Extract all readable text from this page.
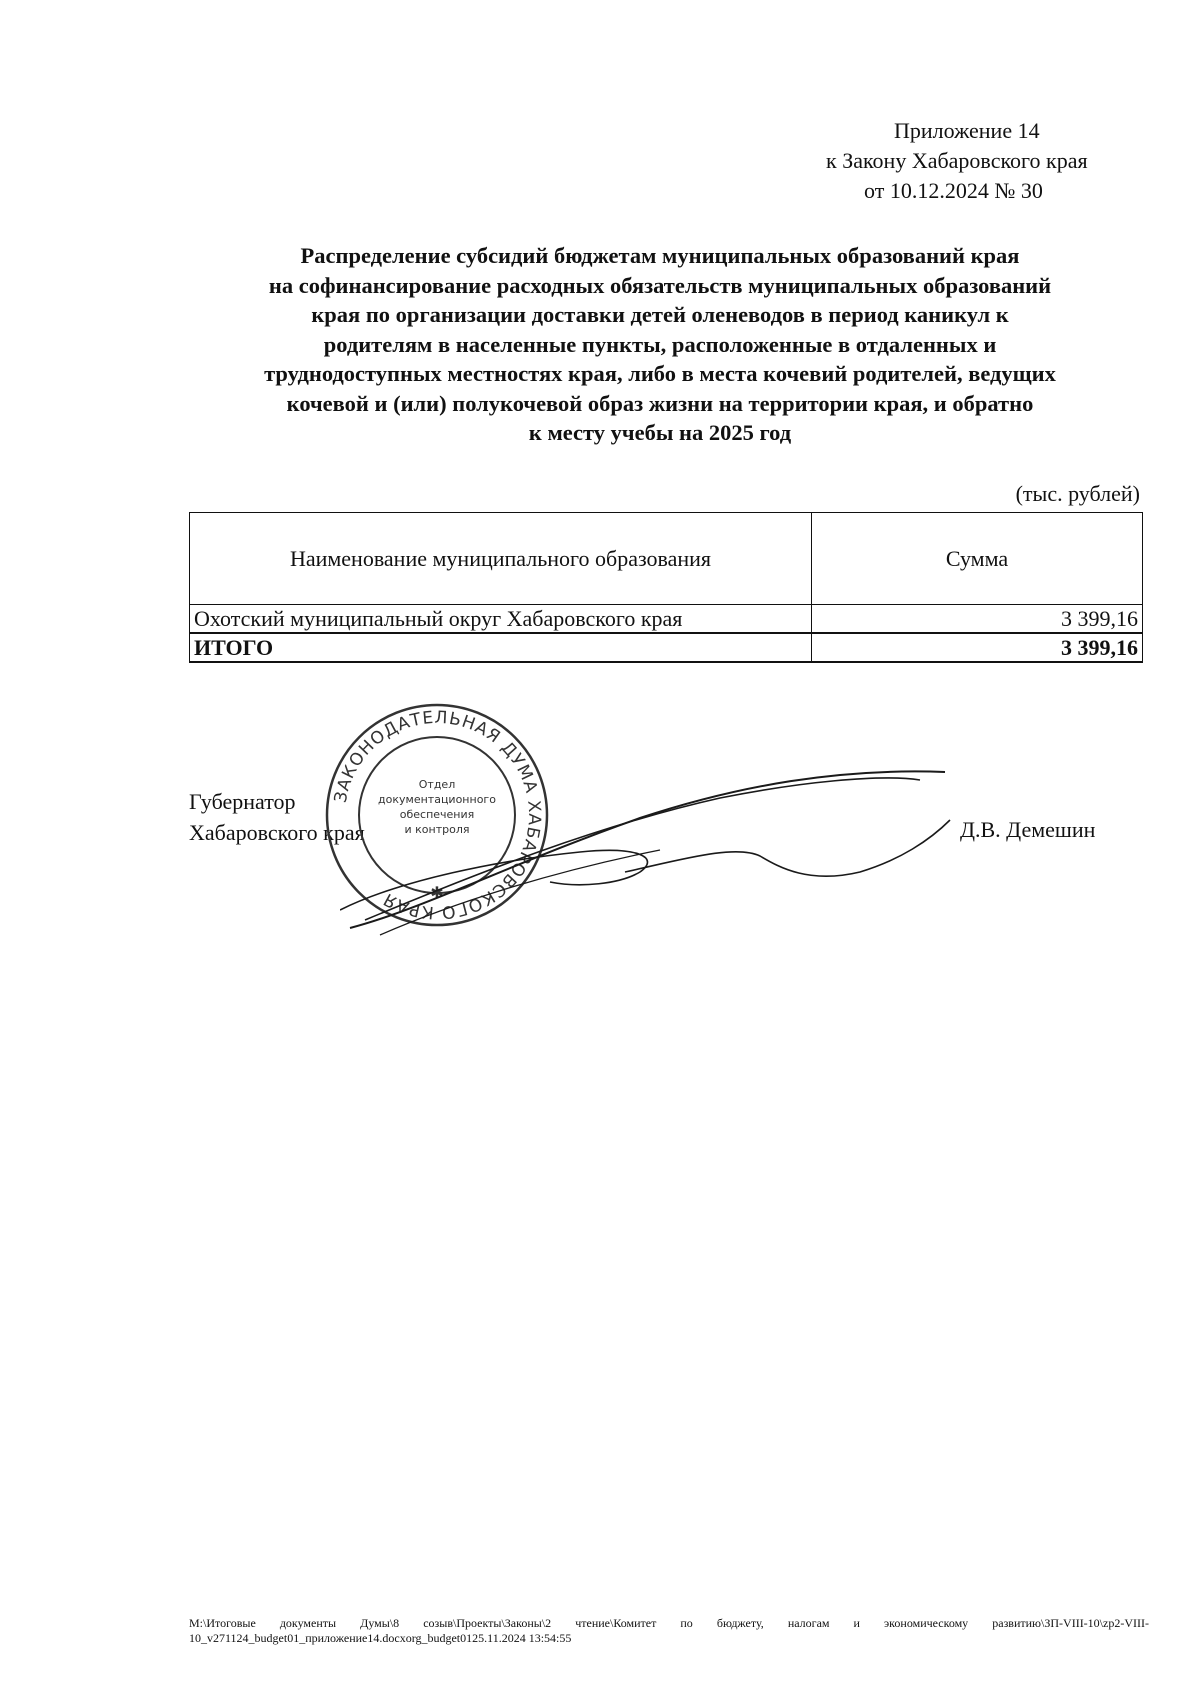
Приложение 14
к Закону Хабаровского края
от 10.12.2024 № 30
Распределение субсидий бюджетам муниципальных образований края
на софинансирование расходных обязательств муниципальных образований
края по организации доставки детей оленеводов в период каникул к
родителям в населенные пункты, расположенные в отдаленных и
труднодоступных местностях края, либо в места кочевий родителей, ведущих
кочевой и (или) полукочевой образ жизни на территории края, и обратно
к месту учебы на 2025 год
(тыс. рублей)
Наименование муниципального образования	Сумма
Охотский муниципальный округ Хабаровского края	3 399,16
ИТОГО	3 399,16
Губернатор
Хабаровского края	Д.В. Демешин
ЗАКОНОДАТЕЛЬНАЯ ДУМА ХАБАРОВСКОГО КРАЯ
Отдел
документационного
обеспечения
и контроля
✱
M:\Итоговые документы Думы\8 созыв\Проекты\Законы\2 чтение\Комитет по бюджету, налогам и экономическому развитию\ЗП-VIII-10\zp2-VIII-10_v271124_budget01_приложение14.docxorg_budget0125.11.2024 13:54:55
